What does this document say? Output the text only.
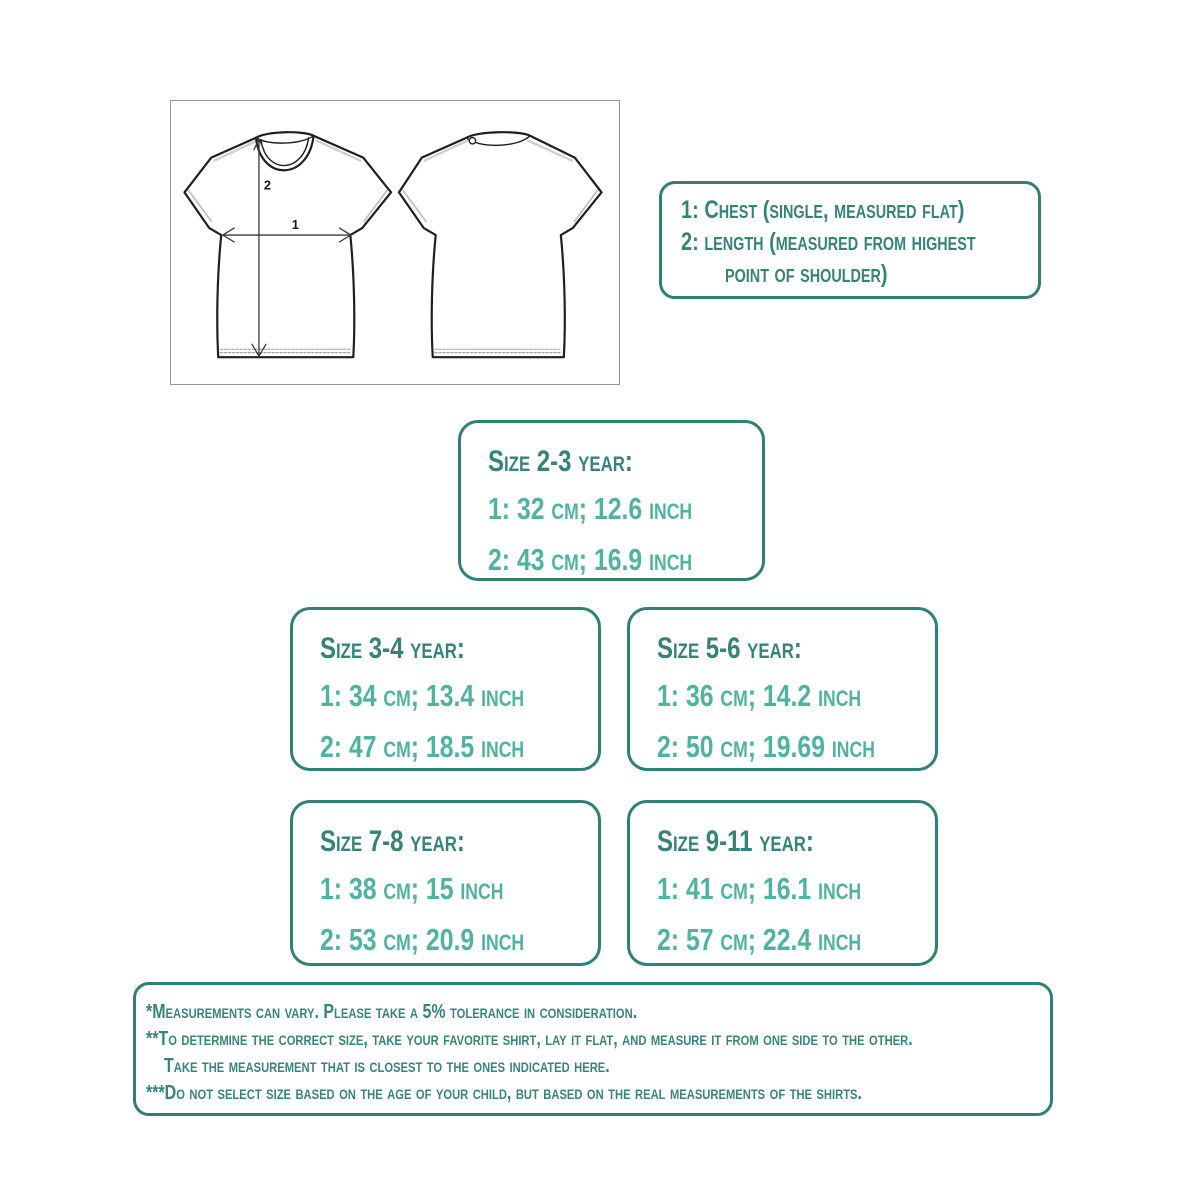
2
1
1: Chest (single, measured flat)
2: length (measured from highest
point of shoulder)
Size 2-3 year:
1: 32 cm; 12.6 inch
2: 43 cm; 16.9 inch
Size 3-4 year:
1: 34 cm; 13.4 inch
2: 47 cm; 18.5 inch
Size 5-6 year:
1: 36 cm; 14.2 inch
2: 50 cm; 19.69 inch
Size 7-8 year:
1: 38 cm; 15 inch
2: 53 cm; 20.9 inch
Size 9-11 year:
1: 41 cm; 16.1 inch
2: 57 cm; 22.4 inch
*Measurements can vary. Please take a 5% tolerance in consideration.
**To determine the correct size, take your favorite shirt, lay it flat, and measure it from one side to the other.
Take the measurement that is closest to the ones indicated here.
***Do not select size based on the age of your child, but based on the real measurements of the shirts.
